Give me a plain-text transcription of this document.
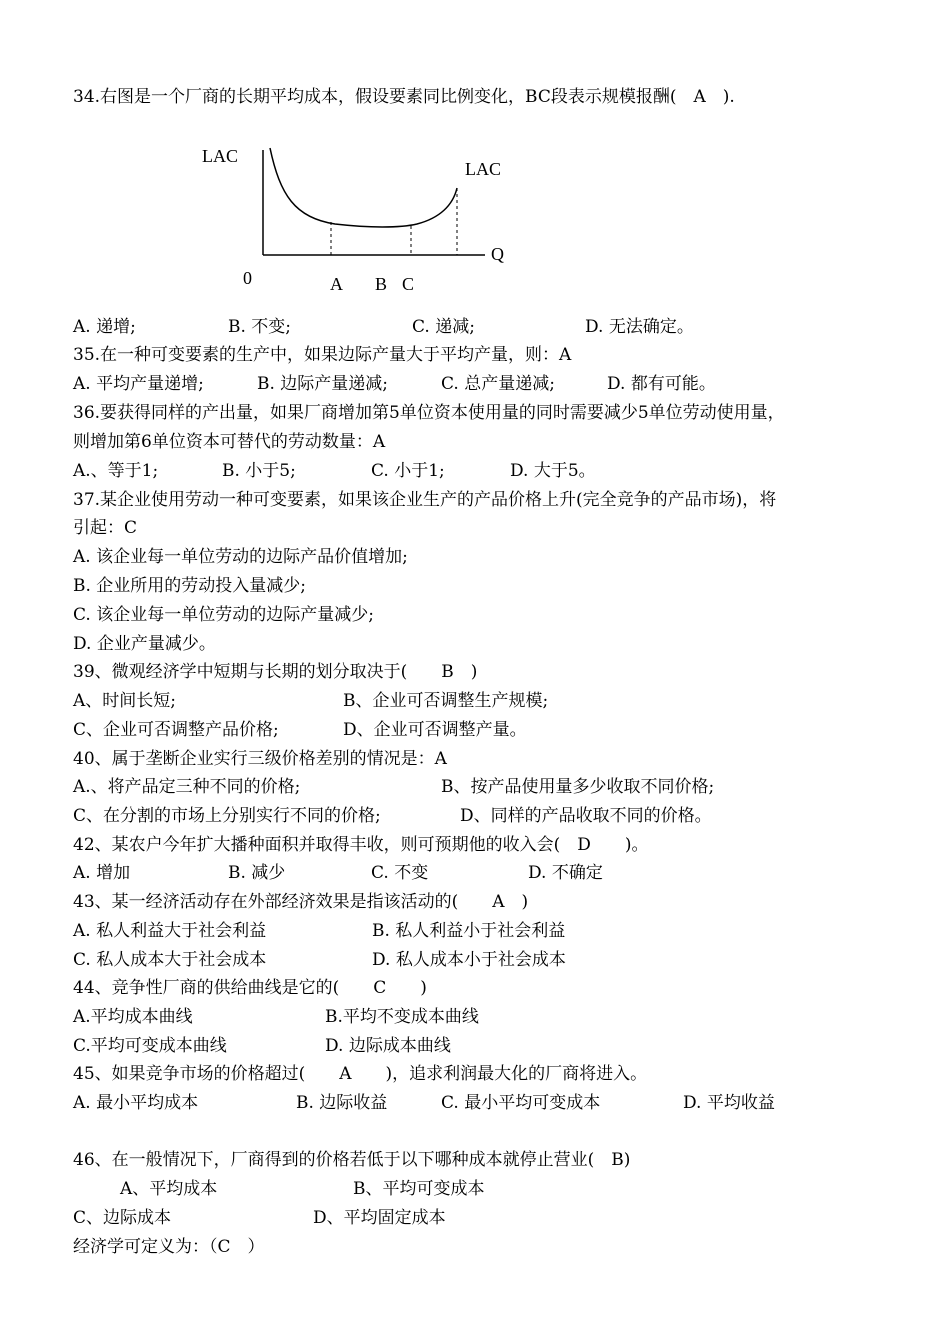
34.右图是一个厂商的长期平均成本，假设要素同比例变化，BC段表示规模报酬(　A　).
LAC
LAC
Q
0	A B C
A. 递增;	B. 不变;	C. 递减;	D. 无法确定。
35.在一种可变要素的生产中，如果边际产量大于平均产量，则：A
A. 平均产量递增;	B. 边际产量递减;	C. 总产量递减;	D. 都有可能。
36.要获得同样的产出量，如果厂商增加第5单位资本使用量的同时需要减少5单位劳动使用量，
则增加第6单位资本可替代的劳动数量：A
A.、等于1;	B. 小于5;	C. 小于1;	D. 大于5。
37.某企业使用劳动一种可变要素，如果该企业生产的产品价格上升(完全竞争的产品市场)，将
引起：C
A. 该企业每一单位劳动的边际产品价值增加;
B. 企业所用的劳动投入量减少;
C. 该企业每一单位劳动的边际产量减少;
D. 企业产量减少。
39、微观经济学中短期与长期的划分取决于(　　B　)
A、时间长短;	B、企业可否调整生产规模;
C、企业可否调整产品价格;	D、企业可否调整产量。
40、属于垄断企业实行三级价格差别的情况是：A
A.、将产品定三种不同的价格;	B、按产品使用量多少收取不同价格;
C、在分割的市场上分别实行不同的价格;	D、同样的产品收取不同的价格。
42、某农户今年扩大播种面积并取得丰收，则可预期他的收入会(　D　　)。
A. 增加	B. 减少	C. 不变	D. 不确定
43、某一经济活动存在外部经济效果是指该活动的(　　A　)
A. 私人利益大于社会利益	B. 私人利益小于社会利益
C. 私人成本大于社会成本	D. 私人成本小于社会成本
44、竞争性厂商的供给曲线是它的(　　C　　)
A.平均成本曲线	B.平均不变成本曲线
C.平均可变成本曲线	D. 边际成本曲线
45、如果竞争市场的价格超过(　　A　　)，追求利润最大化的厂商将进入。
A. 最小平均成本	B. 边际收益	C. 最小平均可变成本	D. 平均收益
46、在一般情况下，厂商得到的价格若低于以下哪种成本就停止营业(　B)
A、平均成本	B、平均可变成本
C、边际成本	D、平均固定成本
经济学可定义为：（C　）
